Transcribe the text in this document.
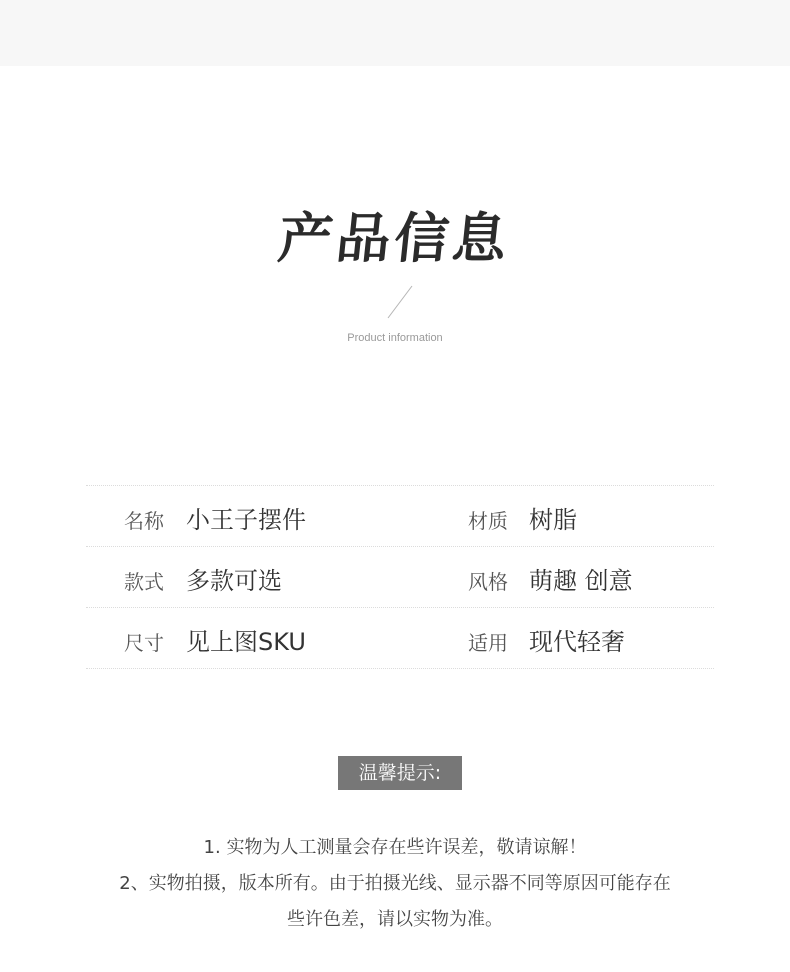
产品信息
Product information
名称 小王子摆件	材质 树脂
款式 多款可选	风格 萌趣 创意
尺寸 见上图SKU	适用 现代轻奢
温馨提示:
1. 实物为人工测量会存在些许误差，敬请谅解！
2、实物拍摄，版本所有。由于拍摄光线、显示器不同等原因可能存在
些许色差，请以实物为准。
